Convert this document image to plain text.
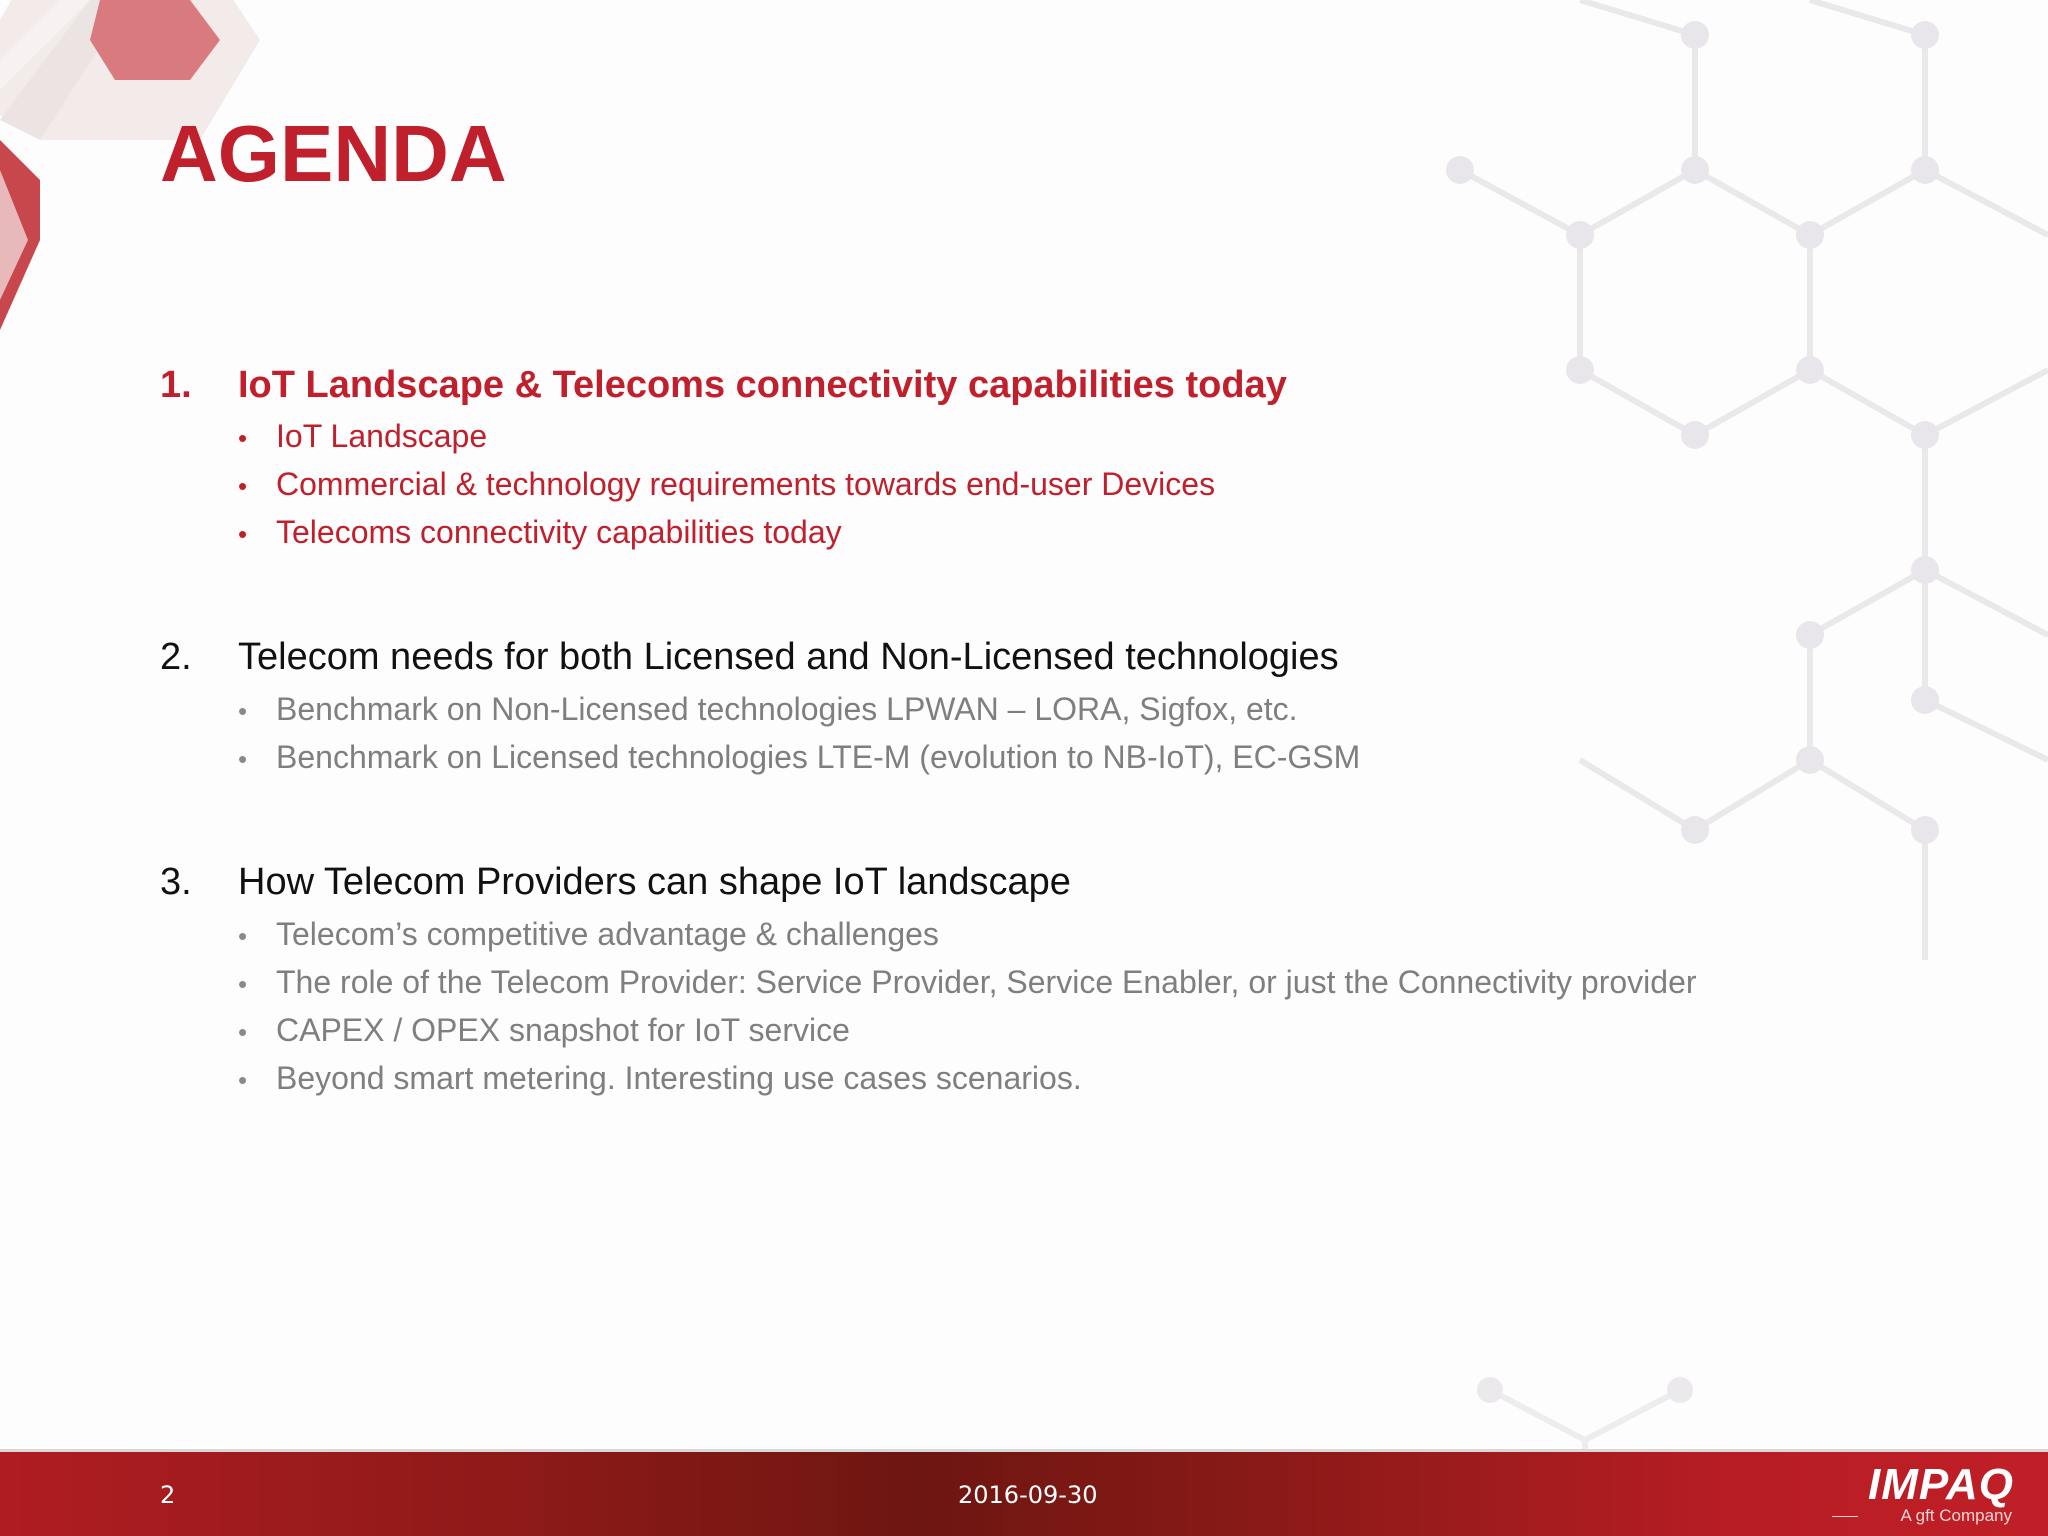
AGENDA
1. IoT Landscape & Telecoms connectivity capabilities today
• IoT Landscape
• Commercial & technology requirements towards end-user Devices
• Telecoms connectivity capabilities today
2. Telecom needs for both Licensed and Non-Licensed technologies
• Benchmark on Non-Licensed technologies LPWAN – LORA, Sigfox, etc.
• Benchmark on Licensed technologies LTE-M (evolution to NB-IoT), EC-GSM
3. How Telecom Providers can shape IoT landscape
• Telecom’s competitive advantage & challenges
• The role of the Telecom Provider: Service Provider, Service Enabler, or just the Connectivity provider
• CAPEX / OPEX snapshot for IoT service
• Beyond smart metering. Interesting use cases scenarios.
2	2016-09-30	IMPAQ
A gft Company
